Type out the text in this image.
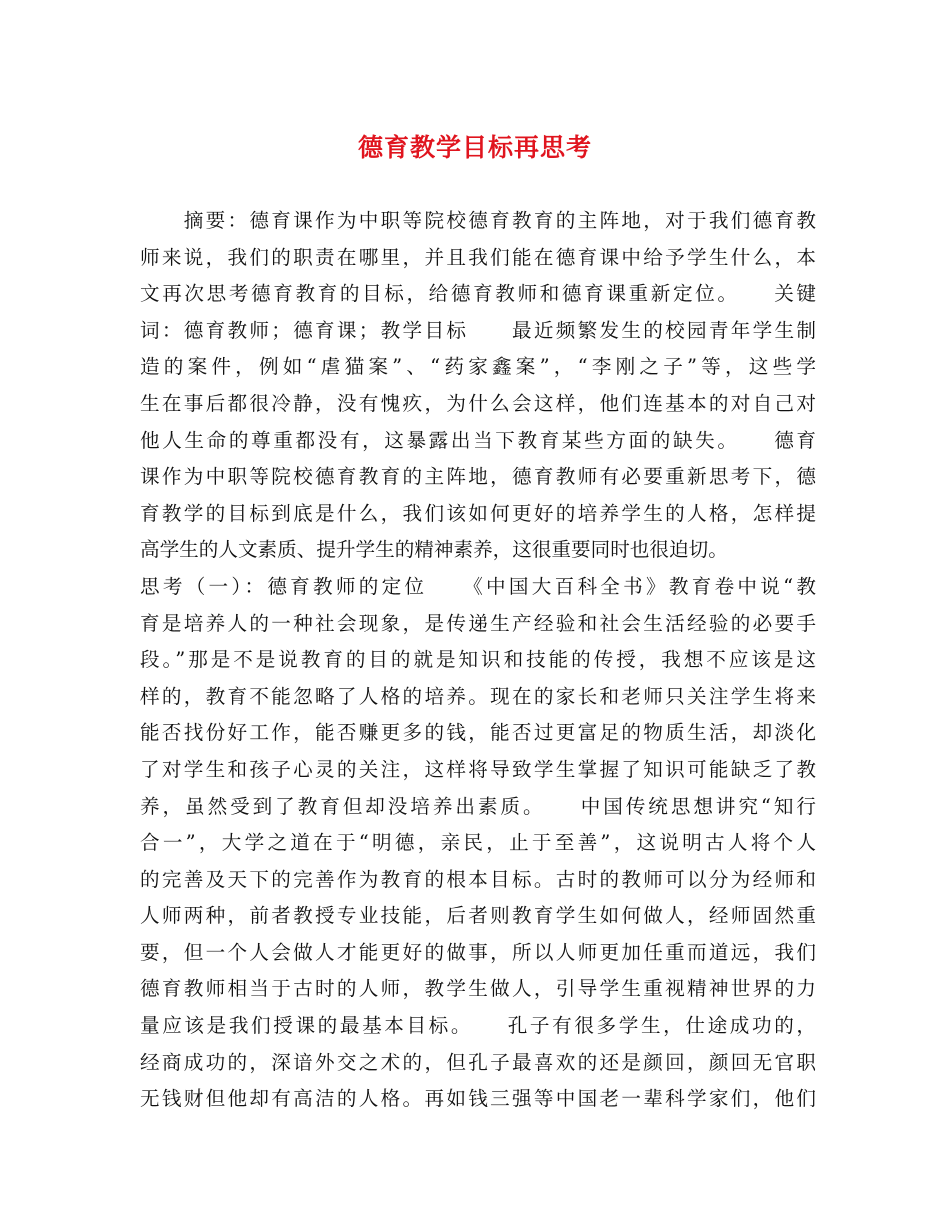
德育教学目标再思考
　　摘要：德育课作为中职等院校德育教育的主阵地，对于我们德育教
师来说，我们的职责在哪里，并且我们能在德育课中给予学生什么，本
文再次思考德育教育的目标，给德育教师和德育课重新定位。　　关键
词：德育教师；德育课；教学目标　　最近频繁发生的校园青年学生制
造的案件，例如“虐猫案”、“药家鑫案”，“李刚之子”等，这些学
生在事后都很冷静，没有愧疚，为什么会这样，他们连基本的对自己对
他人生命的尊重都没有，这暴露出当下教育某些方面的缺失。　　德育
课作为中职等院校德育教育的主阵地，德育教师有必要重新思考下，德
育教学的目标到底是什么，我们该如何更好的培养学生的人格，怎样提
高学生的人文素质、提升学生的精神素养，这很重要同时也很迫切。
思考（一）：德育教师的定位　　《中国大百科全书》教育卷中说“教
育是培养人的一种社会现象，是传递生产经验和社会生活经验的必要手
段。”那是不是说教育的目的就是知识和技能的传授，我想不应该是这
样的，教育不能忽略了人格的培养。现在的家长和老师只关注学生将来
能否找份好工作，能否赚更多的钱，能否过更富足的物质生活，却淡化
了对学生和孩子心灵的关注，这样将导致学生掌握了知识可能缺乏了教
养，虽然受到了教育但却没培养出素质。　　中国传统思想讲究“知行
合一”，大学之道在于“明德，亲民，止于至善”，这说明古人将个人
的完善及天下的完善作为教育的根本目标。古时的教师可以分为经师和
人师两种，前者教授专业技能，后者则教育学生如何做人，经师固然重
要，但一个人会做人才能更好的做事，所以人师更加任重而道远，我们
德育教师相当于古时的人师，教学生做人，引导学生重视精神世界的力
量应该是我们授课的最基本目标。　　孔子有很多学生，仕途成功的，
经商成功的，深谙外交之术的，但孔子最喜欢的还是颜回，颜回无官职
无钱财但他却有高洁的人格。再如钱三强等中国老一辈科学家们，他们
